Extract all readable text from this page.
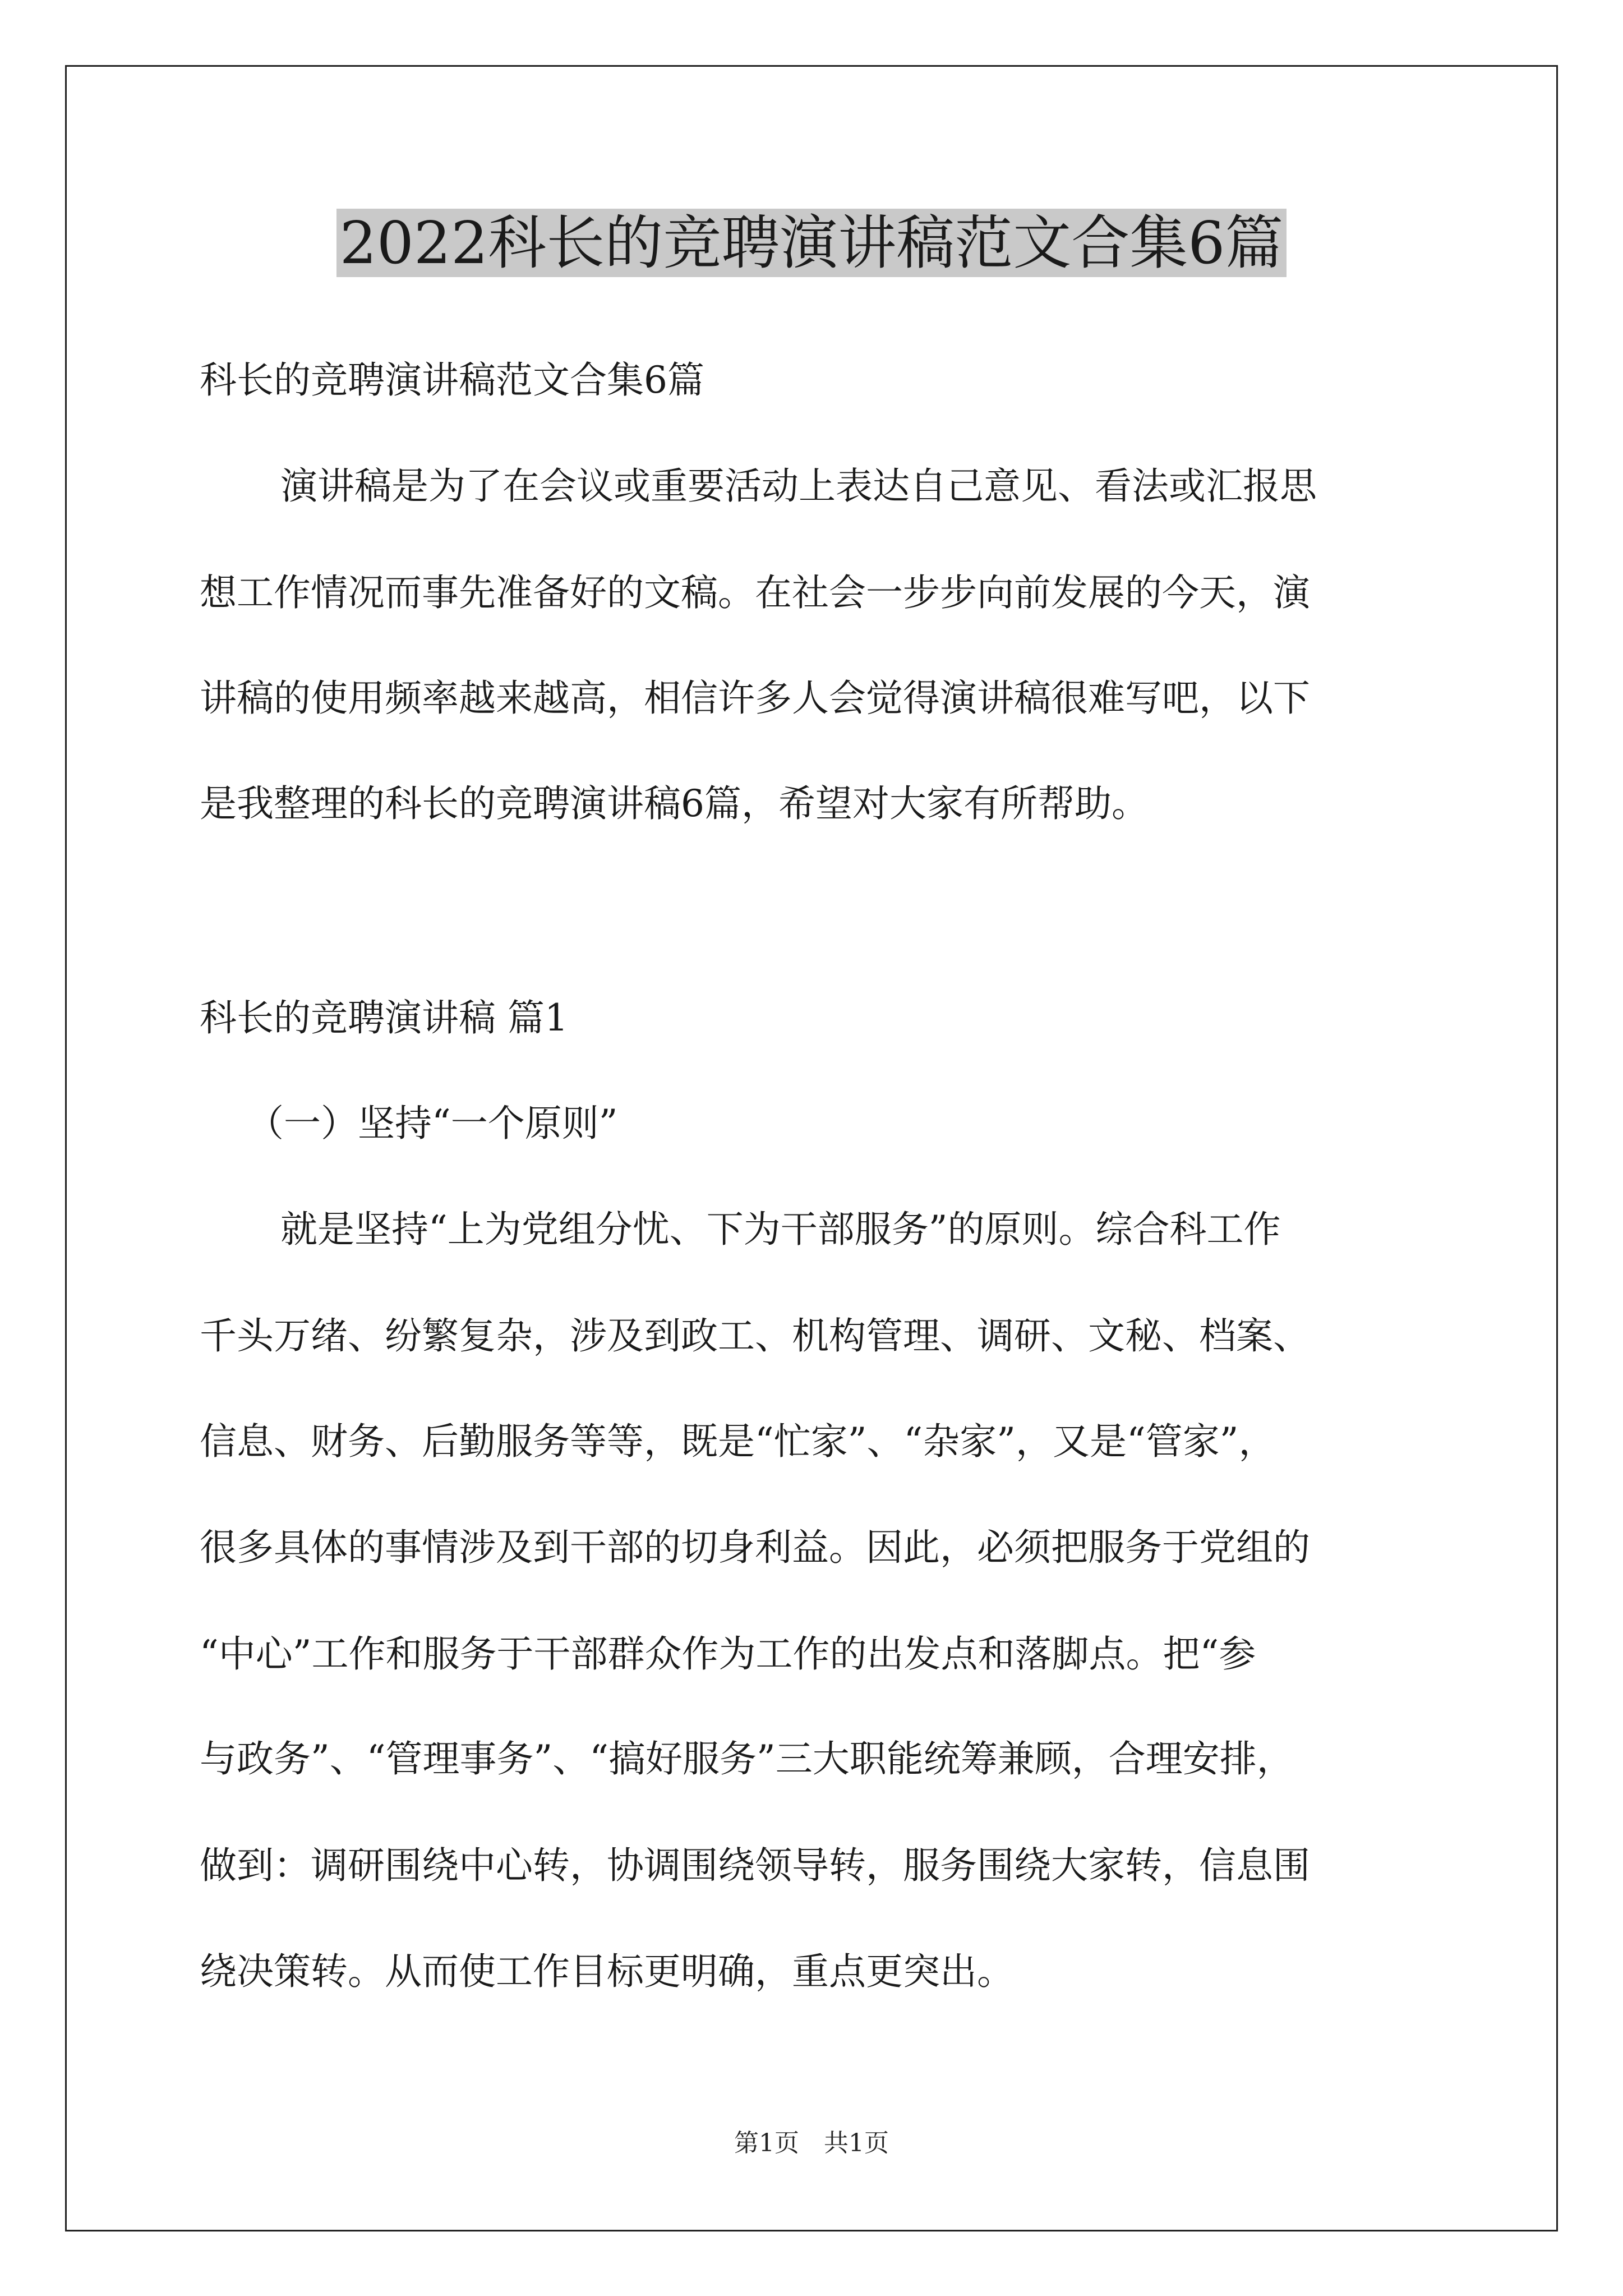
2022科长的竞聘演讲稿范文合集6篇
科长的竞聘演讲稿范文合集6篇
演讲稿是为了在会议或重要活动上表达自己意见、看法或汇报思
想工作情况而事先准备好的文稿。在社会一步步向前发展的今天，演
讲稿的使用频率越来越高，相信许多人会觉得演讲稿很难写吧，以下
是我整理的科长的竞聘演讲稿6篇，希望对大家有所帮助。
科长的竞聘演讲稿 篇1
（一）坚持“一个原则”
就是坚持“上为党组分忧、下为干部服务”的原则。综合科工作
千头万绪、纷繁复杂，涉及到政工、机构管理、调研、文秘、档案、
信息、财务、后勤服务等等，既是“忙家”、“杂家”，又是“管家”，
很多具体的事情涉及到干部的切身利益。因此，必须把服务于党组的
“中心”工作和服务于干部群众作为工作的出发点和落脚点。把“参
与政务”、“管理事务”、“搞好服务”三大职能统筹兼顾，合理安排，
做到：调研围绕中心转，协调围绕领导转，服务围绕大家转，信息围
绕决策转。从而使工作目标更明确，重点更突出。
第1页　共1页
